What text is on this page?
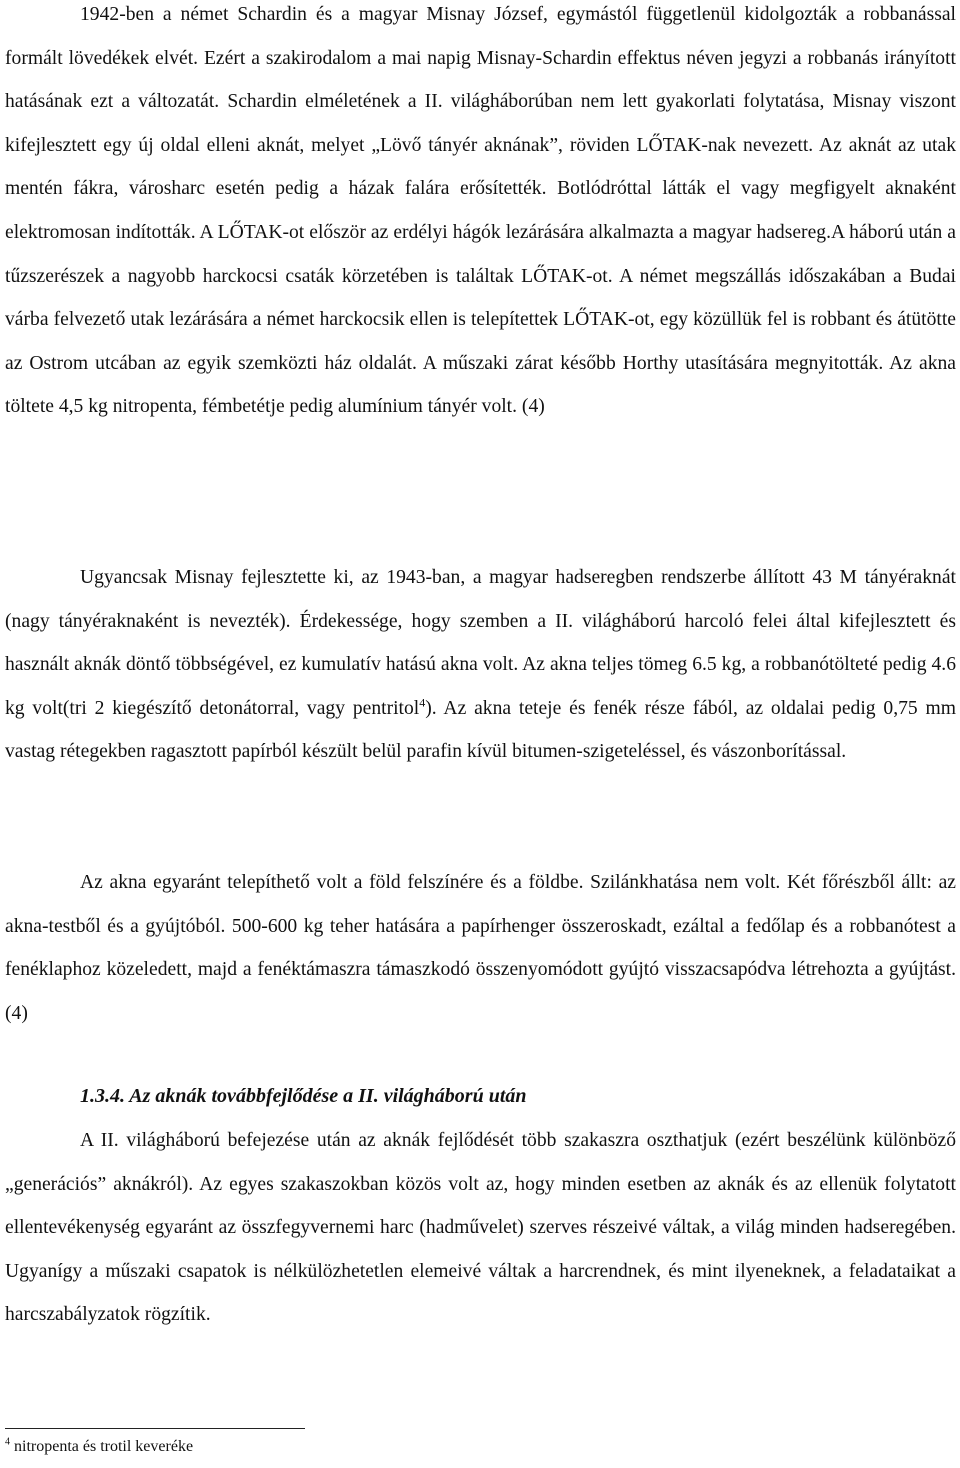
1942-ben a német Schardin és a magyar Misnay József, egymástól függetlenül kidolgozták a robbanással formált lövedékek elvét. Ezért a szakirodalom a mai napig Misnay-Schardin effektus néven jegyzi a robbanás irányított hatásának ezt a változatát. Schardin elméletének a II. világháborúban nem lett gyakorlati folytatása, Misnay viszont kifejlesztett egy új oldal elleni aknát, melyet „Lövő tányér aknának”, röviden LŐTAK-nak nevezett. Az aknát az utak mentén fákra, városharc esetén pedig a házak falára erősítették. Botlódróttal látták el vagy megfigyelt aknaként elektromosan indították. A LŐTAK-ot először az erdélyi hágók lezárására alkalmazta a magyar hadsereg.A háború után a tűzszerészek a nagyobb harckocsi csaták körzetében is találtak LŐTAK-ot. A német megszállás időszakában a Budai várba felvezető utak lezárására a német harckocsik ellen is telepítettek LŐTAK-ot, egy közüllük fel is robbant és átütötte az Ostrom utcában az egyik szemközti ház oldalát. A műszaki zárat később Horthy utasítására megnyitották. Az akna töltete 4,5 kg nitropenta, fémbetétje pedig alumínium tányér volt. (4)

Ugyancsak Misnay fejlesztette ki, az 1943-ban, a magyar hadseregben rendszerbe állított 43 M tányéraknát (nagy tányéraknaként is nevezték). Érdekessége, hogy szemben a II. világháború harcoló felei által kifejlesztett és használt aknák döntő többségével, ez kumulatív hatású akna volt. Az akna teljes tömeg 6.5 kg, a robbanótölteté pedig 4.6 kg volt(tri 2 kiegészítő detonátorral, vagy pentritol$^4$). Az akna teteje és fenék része fából, az oldalai pedig 0,75 mm vastag rétegekben ragasztott papírból készült belül parafin kívül bitumen-szigeteléssel, és vászonborítással.

Az akna egyaránt telepíthető volt a föld felszínére és a földbe. Szilánkhatása nem volt. Két főrészből állt: az akna-testből és a gyújtóból. 500-600 kg teher hatására a papírhenger összeroskadt, ezáltal a fedőlap és a robbanótest a fenéklaphoz közeledett, majd a fenéktámaszra támaszkodó összenyomódott gyújtó visszacsapódva létrehozta a gyújtást. (4)

1.3.4. Az aknák továbbfejlődése a II. világháború után

A II. világháború befejezése után az aknák fejlődését több szakaszra oszthatjuk (ezért beszélünk különböző „generációs” aknákról). Az egyes szakaszokban közös volt az, hogy minden esetben az aknák és az ellenük folytatott ellentevékenység egyaránt az összfegyvernemi harc (hadművelet) szerves részeivé váltak, a világ minden hadseregében. Ugyanígy a műszaki csapatok is nélkülözhetetlen elemeivé váltak a harcrendnek, és mint ilyeneknek, a feladataikat a harcszabályzatok rögzítik.

$^4$ nitropenta és trotil keveréke
